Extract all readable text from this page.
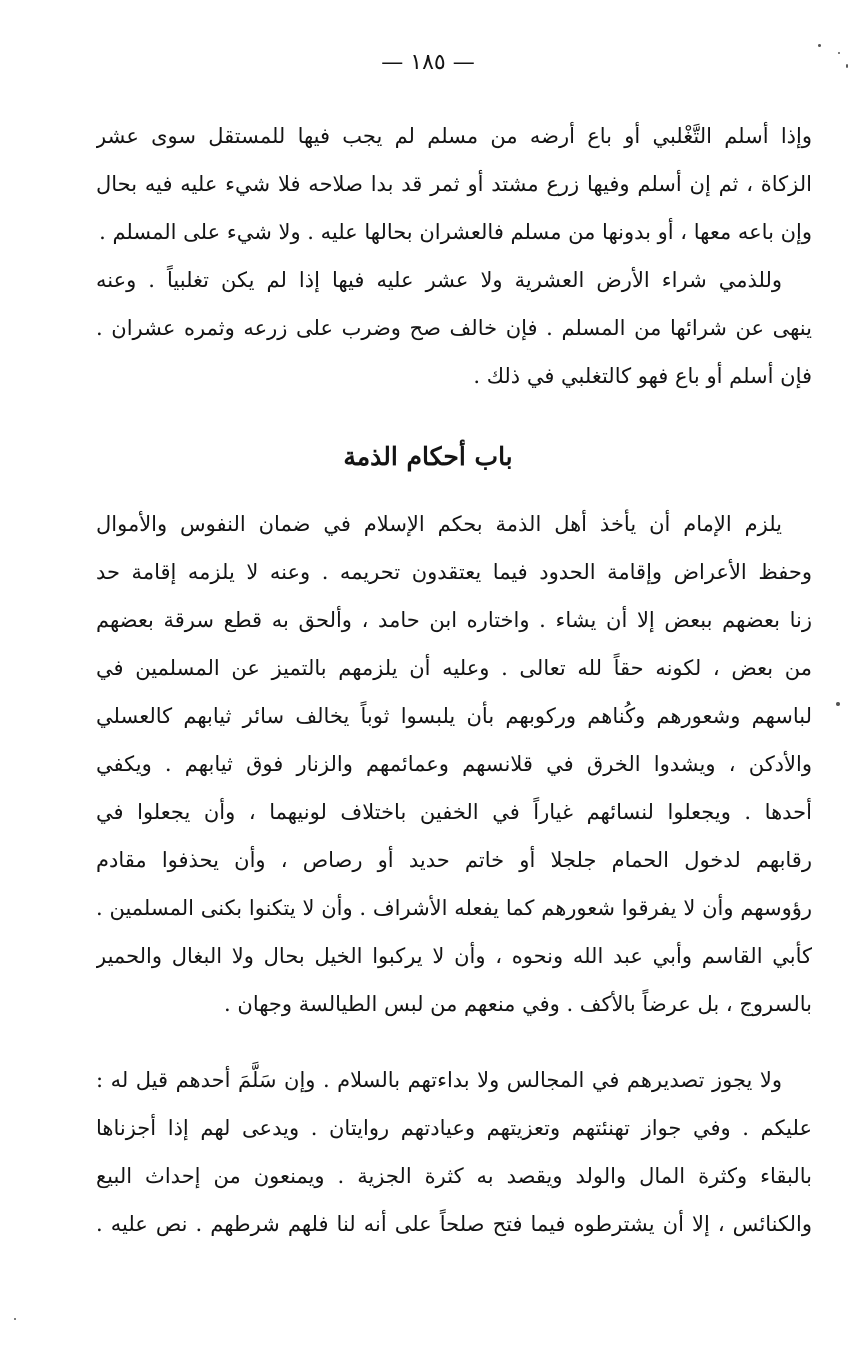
— ١٨٥ —
وإذا أسلم التَّغْلبي أو باع أرضه من مسلم لم يجب فيها للمستقل سوى عشر
الزكاة ، ثم إن أسلم وفيها زرع مشتد أو ثمر قد بدا صلاحه فلا شيء عليه فيه بحال
وإن باعه معها ، أو بدونها من مسلم فالعشران بحالها عليه . ولا شيء على المسلم .
وللذمي شراء الأرض العشرية ولا عشر عليه فيها إذا لم يكن تغلبياً . وعنه
ينهى عن شرائها من المسلم . فإن خالف صح وضرب على زرعه وثمره عشران .
فإن أسلم أو باع فهو كالتغلبي في ذلك .
باب أحكام الذمة
يلزم الإمام أن يأخذ أهل الذمة بحكم الإسلام في ضمان النفوس والأموال
وحفظ الأعراض وإقامة الحدود فيما يعتقدون تحريمه . وعنه لا يلزمه إقامة حد
زنا بعضهم ببعض إلا أن يشاء . واختاره ابن حامد ، وألحق به قطع سرقة بعضهم
من بعض ، لكونه حقاً لله تعالى . وعليه أن يلزمهم بالتميز عن المسلمين في
لباسهم وشعورهم وكُناهم وركوبهم بأن يلبسوا ثوباً يخالف سائر ثيابهم كالعسلي
والأدكن ، ويشدوا الخرق في قلانسهم وعمائمهم والزنار فوق ثيابهم . ويكفي
أحدها . ويجعلوا لنسائهم غياراً في الخفين باختلاف لونيهما ، وأن يجعلوا في
رقابهم لدخول الحمام جلجلا أو خاتم حديد أو رصاص ، وأن يحذفوا مقادم
رؤوسهم وأن لا يفرقوا شعورهم كما يفعله الأشراف . وأن لا يتكنوا بكنى المسلمين .
كأبي القاسم وأبي عبد الله ونحوه ، وأن لا يركبوا الخيل بحال ولا البغال والحمير
بالسروج ، بل عرضاً بالأكف . وفي منعهم من لبس الطيالسة وجهان .
ولا يجوز تصديرهم في المجالس ولا بداءتهم بالسلام . وإن سَلَّمَ أحدهم قيل له :
عليكم . وفي جواز تهنئتهم وتعزيتهم وعيادتهم روايتان . ويدعى لهم إذا أجزناها
بالبقاء وكثرة المال والولد ويقصد به كثرة الجزية . ويمنعون من إحداث البيع
والكنائس ، إلا أن يشترطوه فيما فتح صلحاً على أنه لنا فلهم شرطهم . نص عليه .
